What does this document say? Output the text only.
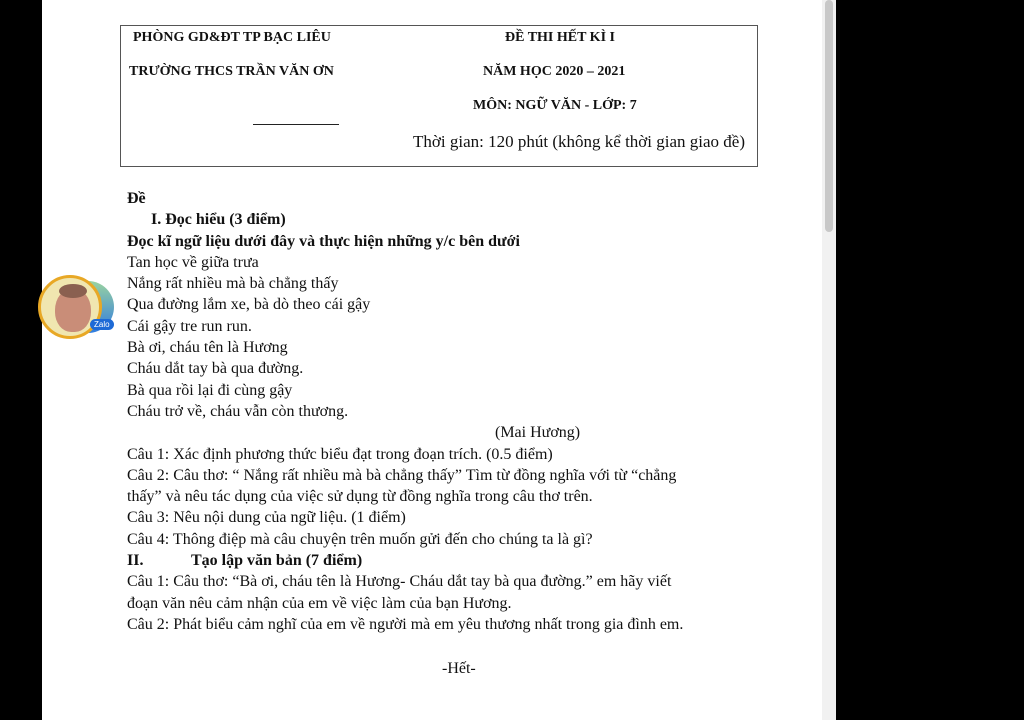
PHÒNG GD&ĐT TP BẠC LIÊU	ĐỀ THI HẾT KÌ I
TRƯỜNG THCS TRẦN VĂN ƠN	NĂM HỌC 2020 – 2021
MÔN: NGỮ VĂN - LỚP: 7
Thời gian: 120 phút (không kể thời gian giao đề)
Đề
I. Đọc hiểu (3 điểm)
Đọc kĩ ngữ liệu dưới đây và thực hiện những y/c bên dưới
Tan học về giữa trưa
Nắng rất nhiều mà bà chẳng thấy
Qua đường lắm xe, bà dò theo cái gậy
Cái gậy tre run run.
Bà ơi, cháu tên là Hương
Cháu dắt tay bà qua đường.
Bà qua rồi lại đi cùng gậy
Cháu trở về, cháu vẫn còn thương.
(Mai Hương)
Câu 1: Xác định phương thức biểu đạt trong đoạn trích. (0.5 điểm)
Câu 2: Câu thơ: “ Nắng rất nhiều mà bà chẳng thấy” Tìm từ đồng nghĩa với từ “chẳng
thấy” và nêu tác dụng của việc sử dụng từ đồng nghĩa trong câu thơ trên.
Câu 3: Nêu nội dung của ngữ liệu. (1 điểm)
Câu 4: Thông điệp mà câu chuyện trên muốn gửi đến cho chúng ta là gì?
II.	Tạo lập văn bản (7 điểm)
Câu 1: Câu thơ: “Bà ơi, cháu tên là Hương- Cháu dắt tay bà qua đường.” em hãy viết
đoạn văn nêu cảm nhận của em về việc làm của bạn Hương.
Câu 2: Phát biểu cảm nghĩ của em về người mà em yêu thương nhất trong gia đình em.
-Hết-
Zalo
